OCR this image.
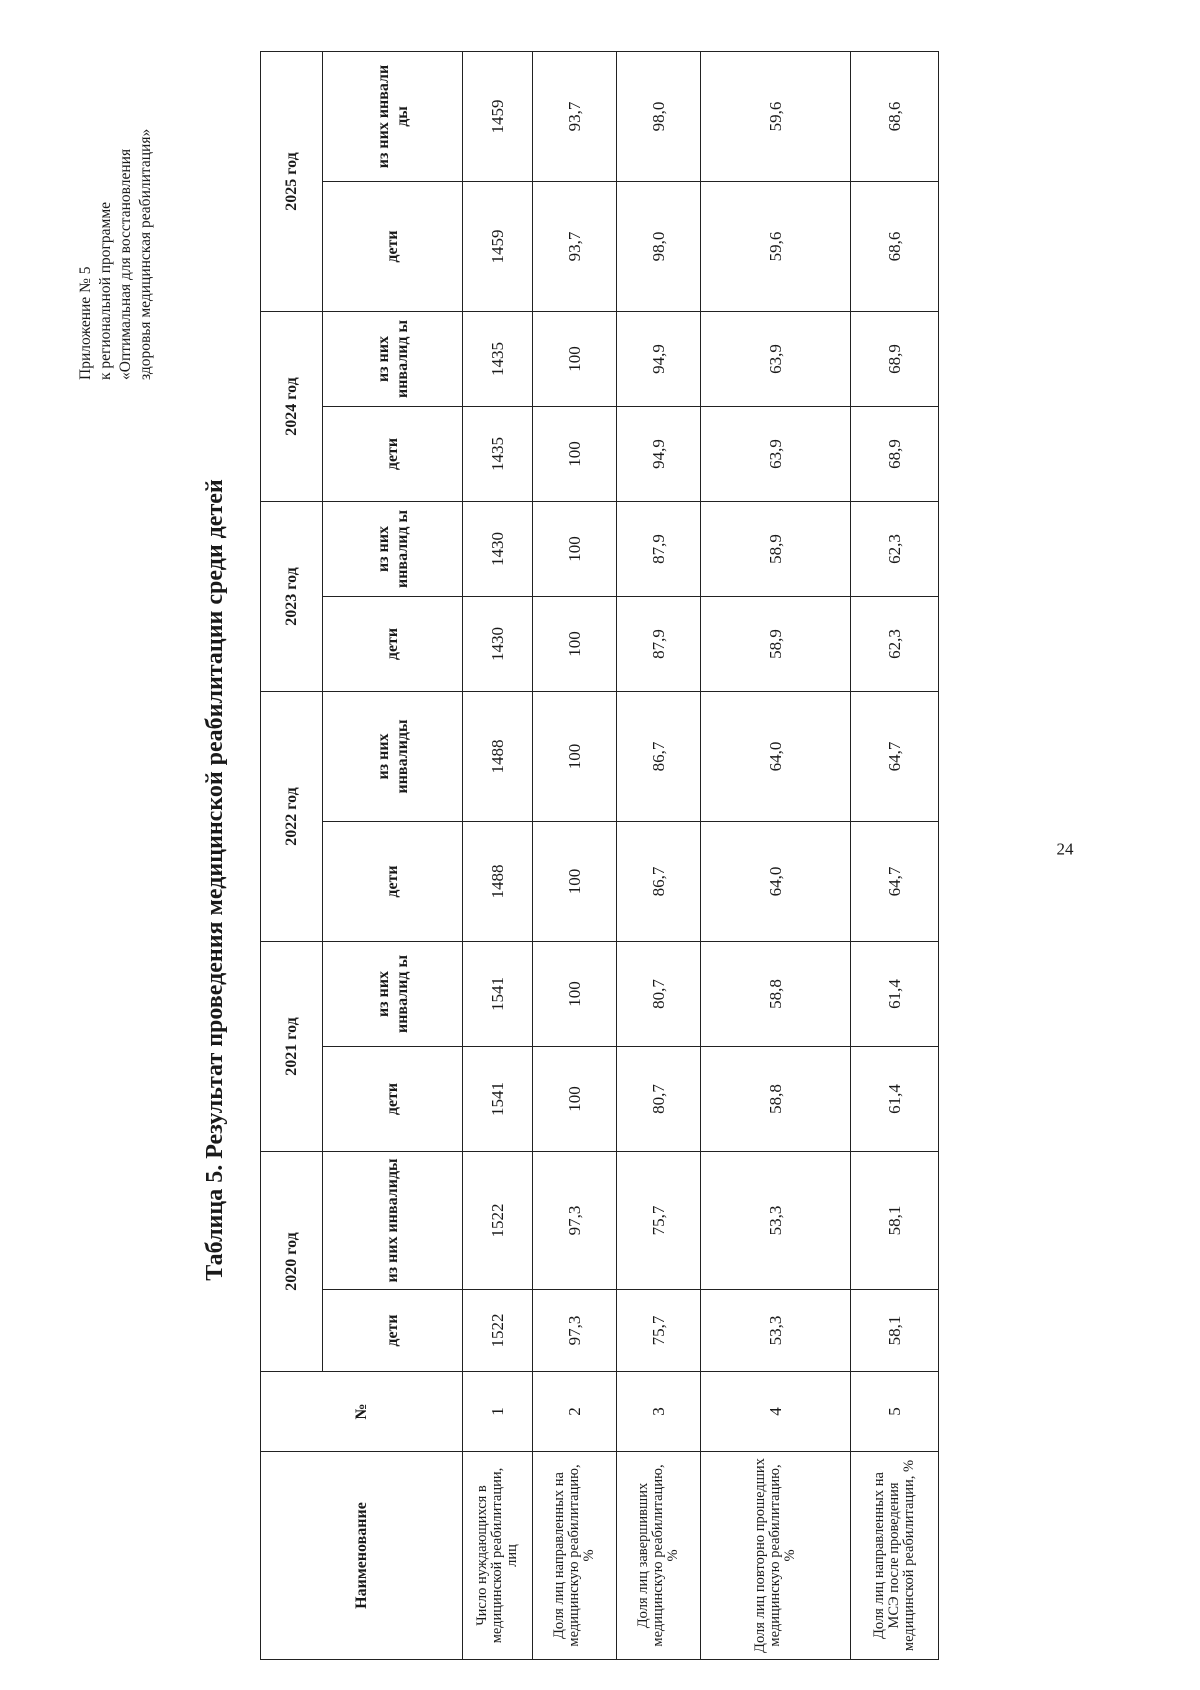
Приложение № 5 к региональной программе «Оптимальная для восстановления здоровья медицинская реабилитация»
Таблица 5. Результат проведения медицинской реабилитации среди детей
Наименование	№	2020 год		2021 год		2022 год		2023 год		2024 год		2025 год	
		дети	из них инвалиды	дети	из них инвалид ы	дети	из них инвалиды	дети	из них инвалид ы	дети	из них инвалид ы	дети	из них инвали ды
Число нуждающихся в медицинской реабилитации, лиц	1	1522	1522	1541	1541	1488	1488	1430	1430	1435	1435	1459	1459
Доля лиц направленных на медицинскую реабилитацию, %	2	97,3	97,3	100	100	100	100	100	100	100	100	93,7	93,7
Доля лиц завершивших медицинскую реабилитацию, %	3	75,7	75,7	80,7	80,7	86,7	86,7	87,9	87,9	94,9	94,9	98,0	98,0
Доля лиц повторно прошедших медицинскую реабилитацию, %	4	53,3	53,3	58,8	58,8	64,0	64,0	58,9	58,9	63,9	63,9	59,6	59,6
Доля лиц направленных на МСЭ после проведения медицинской реабилитации, %	5	58,1	58,1	61,4	61,4	64,7	64,7	62,3	62,3	68,9	68,9	68,6	68,6
24
